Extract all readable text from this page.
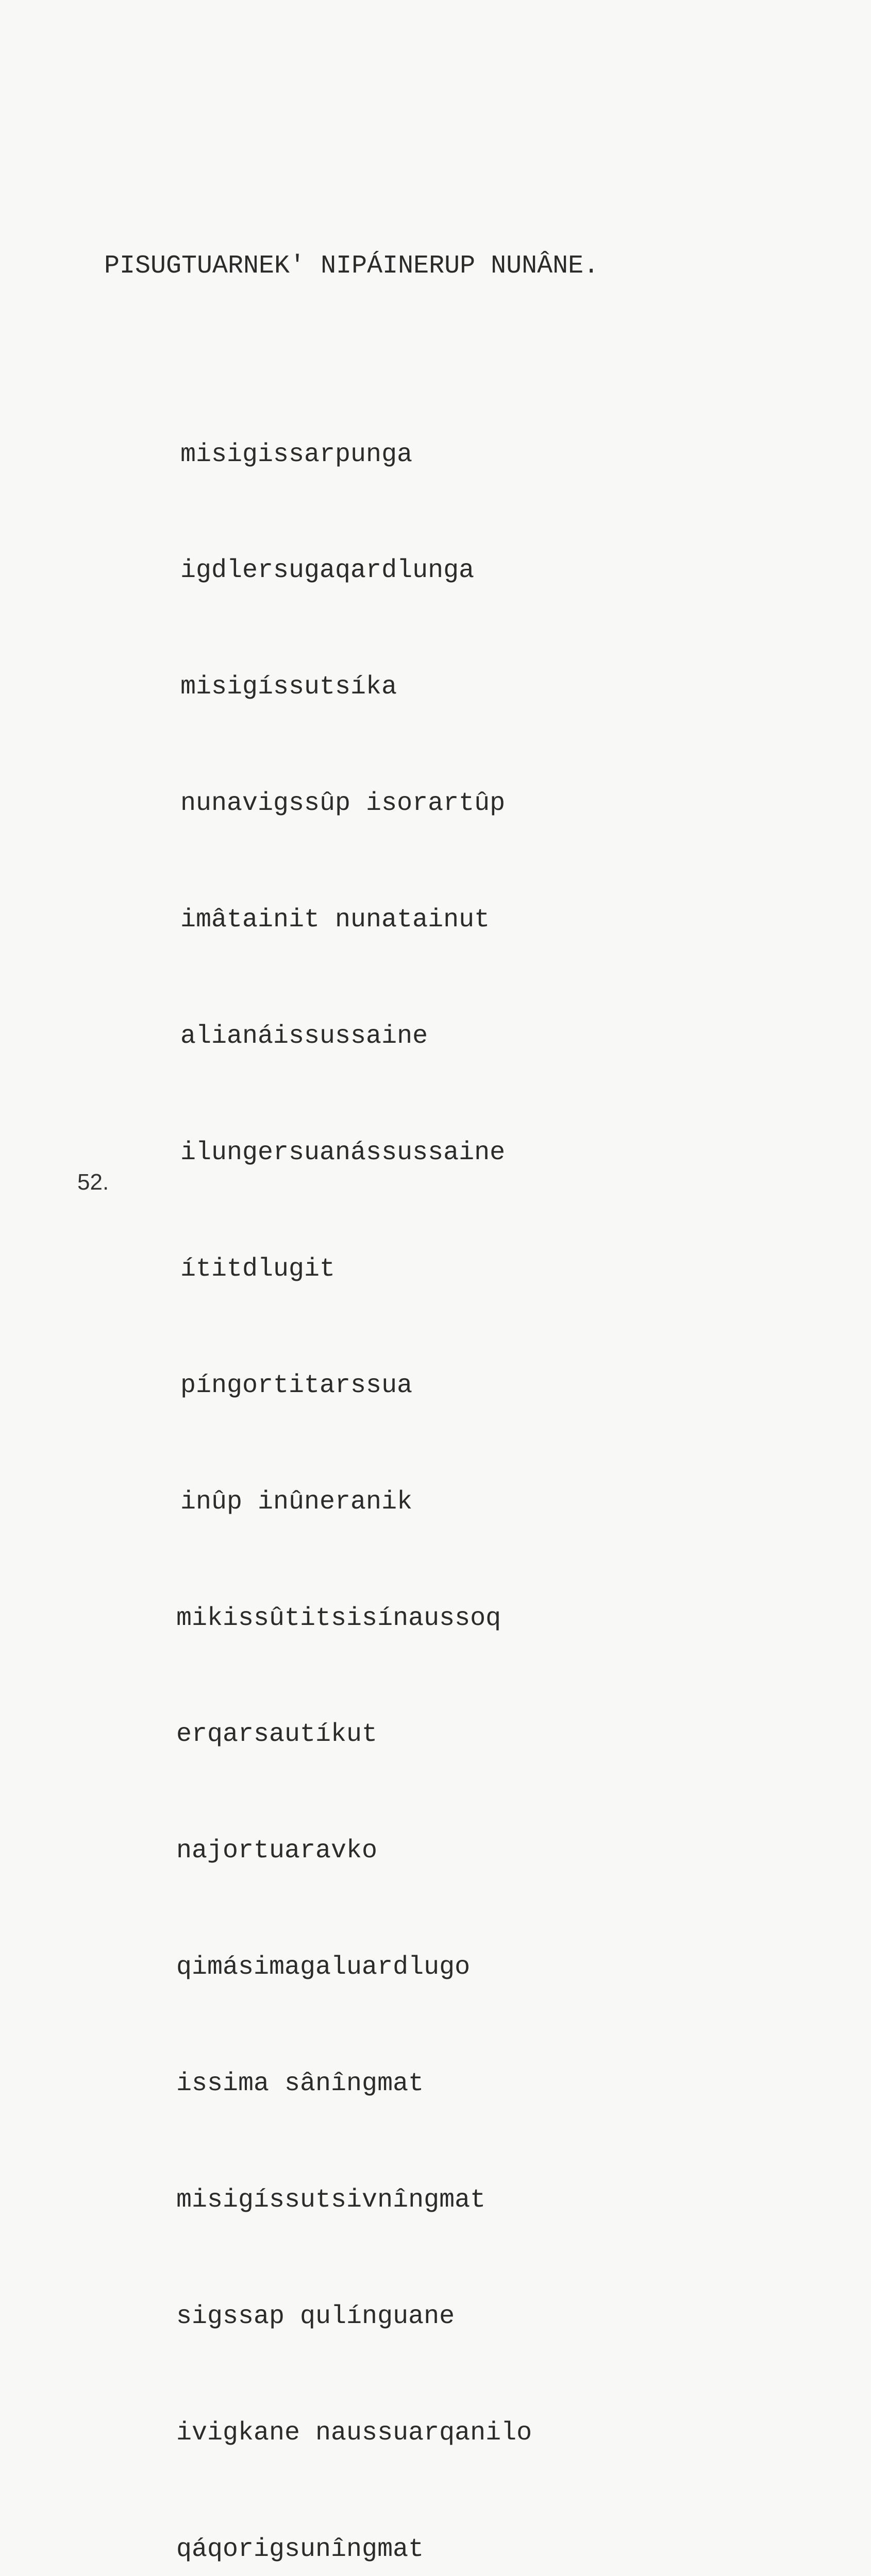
PISUGTUARNEK' NIPÁINERUP NUNÂNE.

misigissarpunga

igdlersugaqardlunga

misigíssutsíka

nunavigssûp isorartûp

imâtainit nunatainut

alianáissussaine

ilungersuanássussaine

ítitdlugit

píngortitarssua

inûp inûneranik

mikissûtitsisínaussoq

erqarsautíkut

najortuaravko

qimásimagaluardlugo

issima sânîngmat

misigíssutsivnîngmat

sigssap qulínguane

ivigkane naussuarqanilo

qáqorigsunîngmat

52.
